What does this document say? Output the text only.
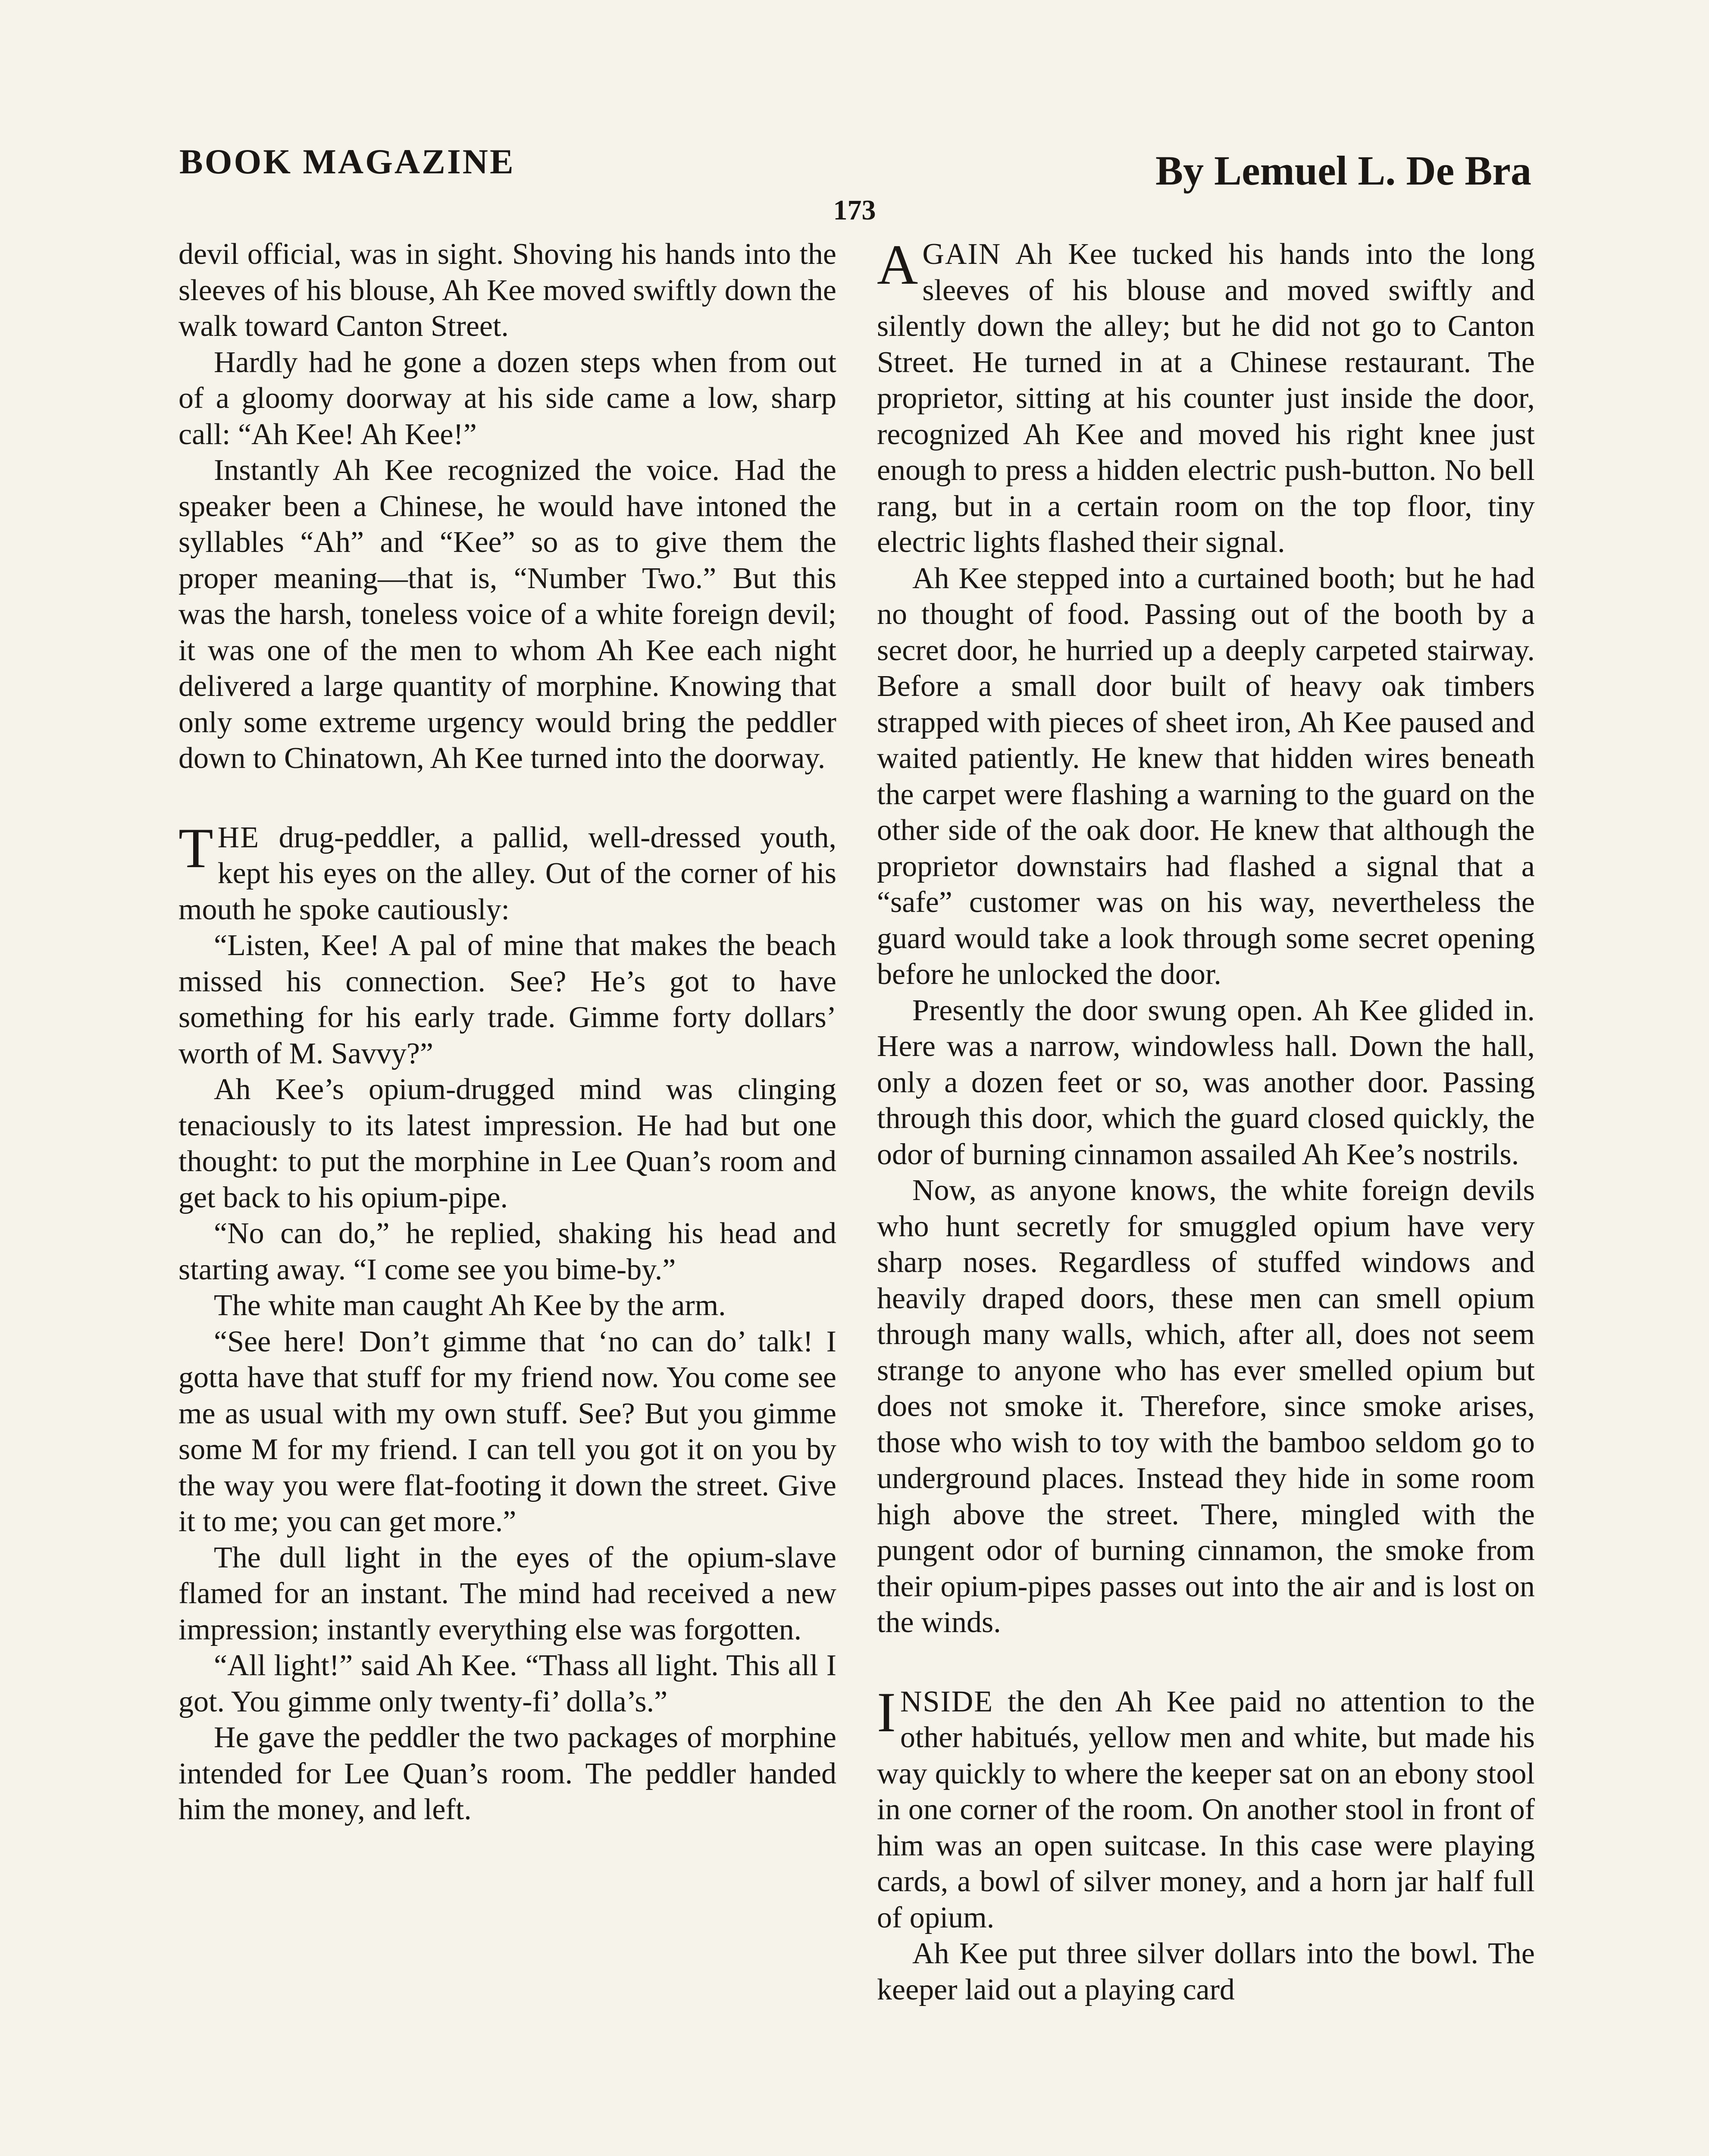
BOOK MAGAZINE	By Lemuel L. De Bra
173

devil official, was in sight. Shoving his hands into the sleeves of his blouse, Ah Kee moved swiftly down the walk toward Canton Street.

Hardly had he gone a dozen steps when from out of a gloomy doorway at his side came a low, sharp call: “Ah Kee! Ah Kee!”

Instantly Ah Kee recognized the voice. Had the speaker been a Chinese, he would have intoned the syllables “Ah” and “Kee” so as to give them the proper meaning—that is, “Number Two.” But this was the harsh, toneless voice of a white foreign devil; it was one of the men to whom Ah Kee each night delivered a large quantity of morphine. Knowing that only some extreme urgency would bring the peddler down to Chinatown, Ah Kee turned into the doorway.

THE drug-peddler, a pallid, well-dressed youth, kept his eyes on the alley. Out of the corner of his mouth he spoke cautiously:

“Listen, Kee! A pal of mine that makes the beach missed his connection. See? He’s got to have something for his early trade. Gimme forty dollars’ worth of M. Savvy?”

Ah Kee’s opium-drugged mind was clinging tenaciously to its latest impression. He had but one thought: to put the morphine in Lee Quan’s room and get back to his opium-pipe.

“No can do,” he replied, shaking his head and starting away. “I come see you bime-by.”

The white man caught Ah Kee by the arm.

“See here! Don’t gimme that ‘no can do’ talk! I gotta have that stuff for my friend now. You come see me as usual with my own stuff. See? But you gimme some M for my friend. I can tell you got it on you by the way you were flat-footing it down the street. Give it to me; you can get more.”

The dull light in the eyes of the opium-slave flamed for an instant. The mind had received a new impression; instantly everything else was forgotten.

“All light!” said Ah Kee. “Thass all light. This all I got. You gimme only twenty-fi’ dolla’s.”

He gave the peddler the two packages of morphine intended for Lee Quan’s room. The peddler handed him the money, and left.

AGAIN Ah Kee tucked his hands into the long sleeves of his blouse and moved swiftly and silently down the alley; but he did not go to Canton Street. He turned in at a Chinese restaurant. The proprietor, sitting at his counter just inside the door, recognized Ah Kee and moved his right knee just enough to press a hidden electric push-button. No bell rang, but in a certain room on the top floor, tiny electric lights flashed their signal.

Ah Kee stepped into a curtained booth; but he had no thought of food. Passing out of the booth by a secret door, he hurried up a deeply carpeted stairway. Before a small door built of heavy oak timbers strapped with pieces of sheet iron, Ah Kee paused and waited patiently. He knew that hidden wires beneath the carpet were flashing a warning to the guard on the other side of the oak door. He knew that although the proprietor downstairs had flashed a signal that a “safe” customer was on his way, nevertheless the guard would take a look through some secret opening before he unlocked the door.

Presently the door swung open. Ah Kee glided in. Here was a narrow, windowless hall. Down the hall, only a dozen feet or so, was another door. Passing through this door, which the guard closed quickly, the odor of burning cinnamon assailed Ah Kee’s nostrils.

Now, as anyone knows, the white foreign devils who hunt secretly for smuggled opium have very sharp noses. Regardless of stuffed windows and heavily draped doors, these men can smell opium through many walls, which, after all, does not seem strange to anyone who has ever smelled opium but does not smoke it. Therefore, since smoke arises, those who wish to toy with the bamboo seldom go to underground places. Instead they hide in some room high above the street. There, mingled with the pungent odor of burning cinnamon, the smoke from their opium-pipes passes out into the air and is lost on the winds.

INSIDE the den Ah Kee paid no attention to the other habitués, yellow men and white, but made his way quickly to where the keeper sat on an ebony stool in one corner of the room. On another stool in front of him was an open suitcase. In this case were playing cards, a bowl of silver money, and a horn jar half full of opium.

Ah Kee put three silver dollars into the bowl. The keeper laid out a playing card
